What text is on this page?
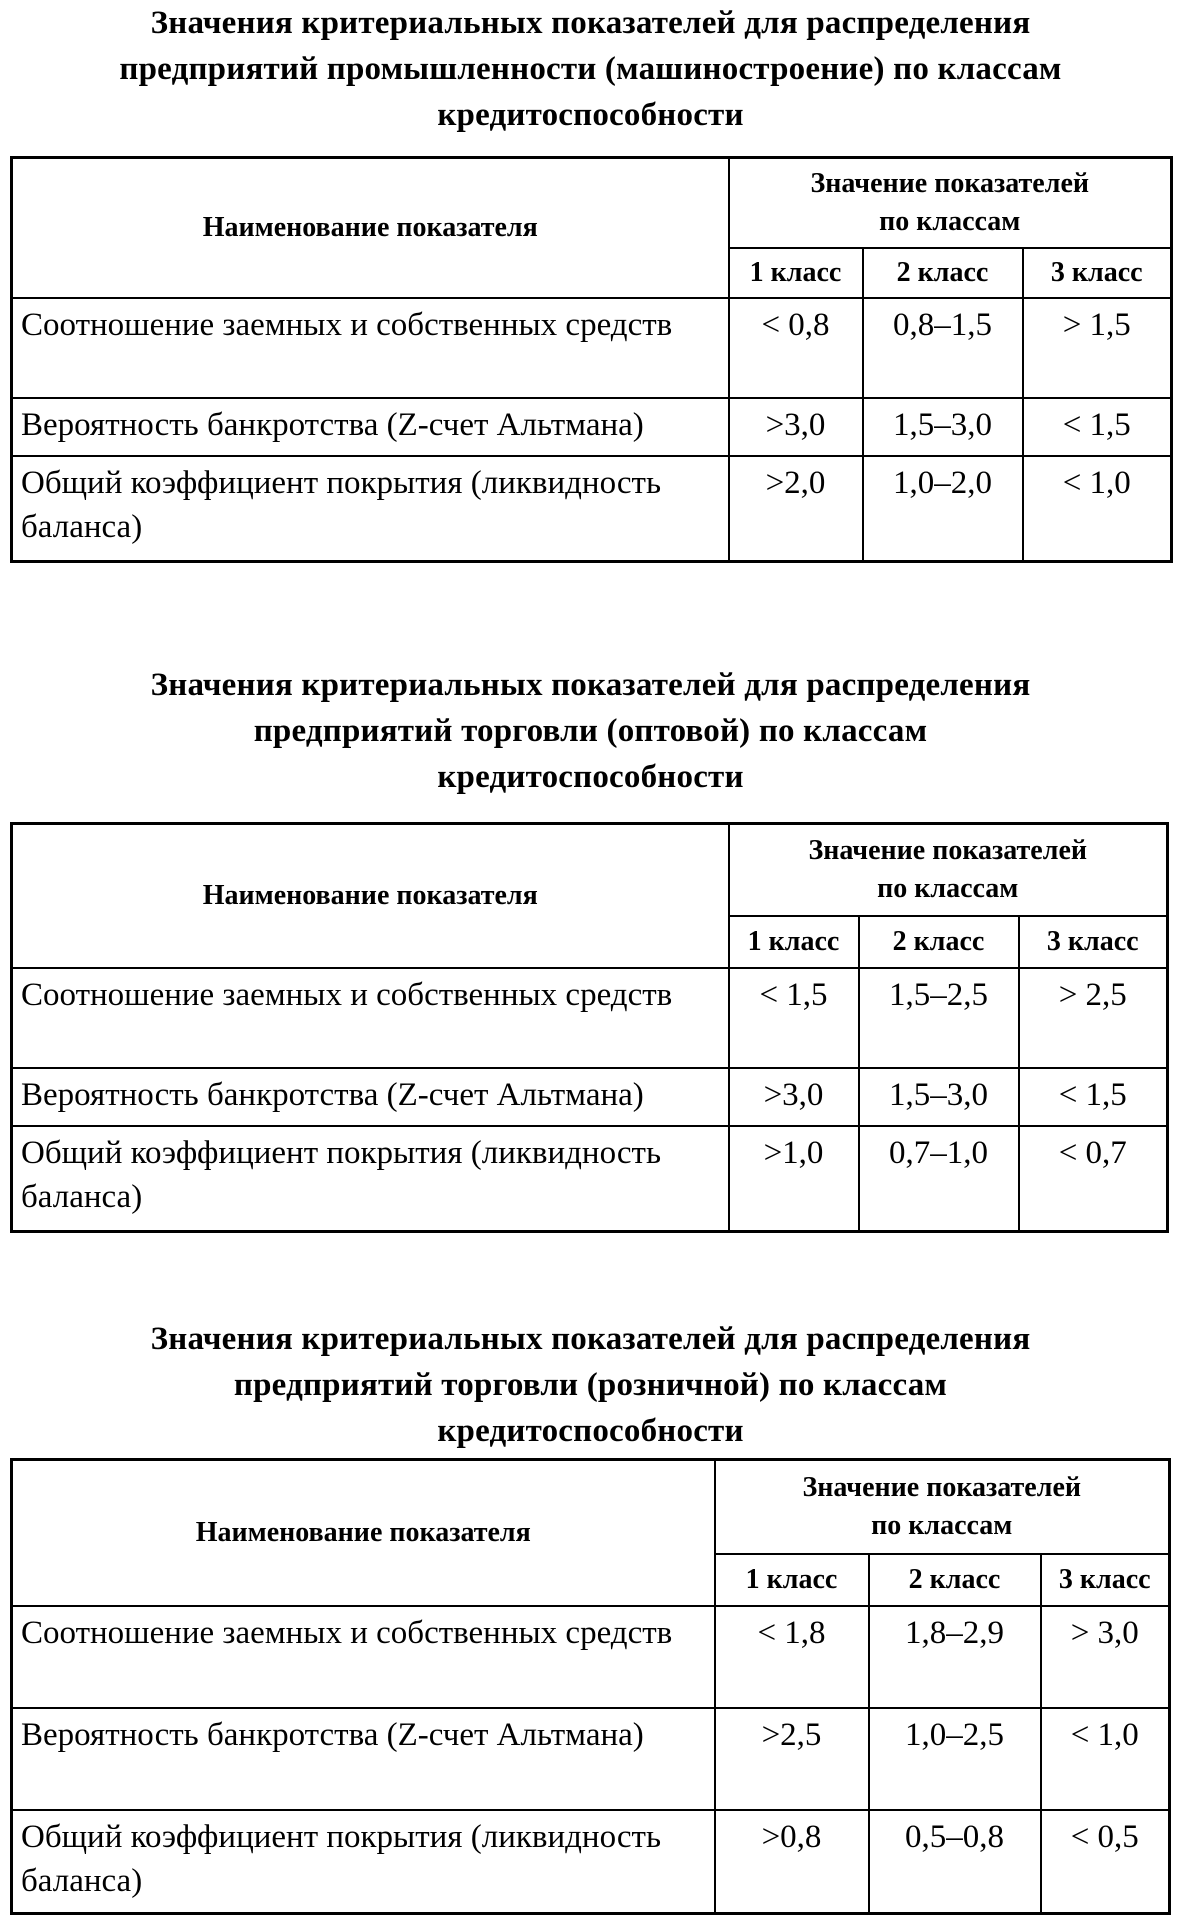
Значения критериальных показателей для распределения
предприятий промышленности (машиностроение) по классам
кредитоспособности
Наименование показателя	Значение показателей
по классам		

	1 класс	2 класс	3 класс
Соотношение заемных и собственных средств	< 0,8	0,8–1,5	> 1,5
Вероятность банкротства (Z-счет Альтмана)	>3,0	1,5–3,0	< 1,5
Общий коэффициент покрытия (ликвидность баланса)	>2,0	1,0–2,0	< 1,0
Значения критериальных показателей для распределения
предприятий торговли (оптовой) по классам
кредитоспособности
Наименование показателя	Значение показателей
по классам		

	1 класс	2 класс	3 класс
Соотношение заемных и собственных средств	< 1,5	1,5–2,5	> 2,5
Вероятность банкротства (Z-счет Альтмана)	>3,0	1,5–3,0	< 1,5
Общий коэффициент покрытия (ликвидность баланса)	>1,0	0,7–1,0	< 0,7
Значения критериальных показателей для распределения
предприятий торговли (розничной) по классам
кредитоспособности
Наименование показателя	Значение показателей
по классам		

	1 класс	2 класс	3 класс
Соотношение заемных и собственных средств	< 1,8	1,8–2,9	> 3,0
Вероятность банкротства (Z-счет Альтмана)	>2,5	1,0–2,5	< 1,0
Общий коэффициент покрытия (ликвидность баланса)	>0,8	0,5–0,8	< 0,5
